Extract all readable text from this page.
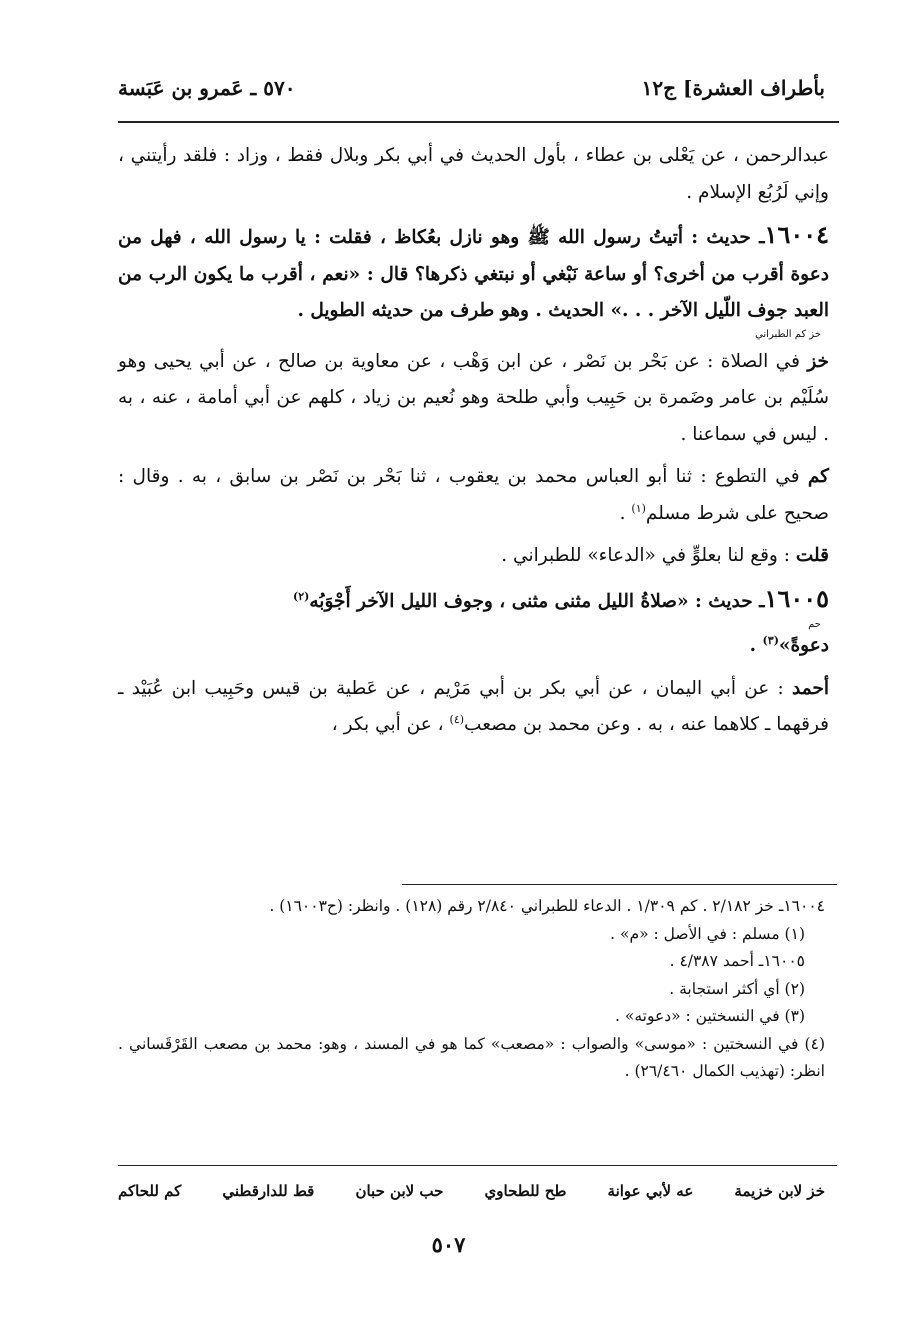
بأطراف العشرة] ج١٢
٥٧٠ ـ عَمرو بن عَبَسة

عبدالرحمن ، عن يَعْلى بن عطاء ، بأول الحديث في أبي بكر وبلال فقط ، وزاد : فلقد رأيتني ، وإني لَرُبُع الإسلام .

١٦٠٠٤ـ حديث : أتيتُ رسول الله ﷺ وهو نازل بعُكاظ ، فقلت : يا رسول الله ، فهل من دعوة أقرب من أخرى؟ أو ساعة نَبْغي أو نبتغي ذكرها؟ قال : «نعم ، أقرب ما يكون الرب من العبد جوف اللّيل الآخر . . .» الحديث . وهو طرف من حديثه الطويل .
خز كم الطبراني

خز في الصلاة : عن بَحْر بن نَصْر ، عن ابن وَهْب ، عن معاوية بن صالح ، عن أبي يحيى وهو سُلَيْم بن عامر وضَمرة بن حَبِيب وأبي طلحة وهو نُعيم بن زياد ، كلهم عن أبي أمامة ، عنه ، به . ليس في سماعنا .

كم في التطوع : ثنا أبو العباس محمد بن يعقوب ، ثنا بَحْر بن نَصْر بن سابق ، به . وقال : صحيح على شرط مسلم$^{(١)}$ .

قلت : وقع لنا بعلوٍّ في «الدعاء» للطبراني .

١٦٠٠٥ـ حديث : «صلاةُ الليل مثنى مثنى ، وجوف الليل الآخر أَجْوَبُه$^{(٢)}$
حم
دعوةً»$^{(٣)}$ .

أحمد : عن أبي اليمان ، عن أبي بكر بن أبي مَرْيم ، عن عَطية بن قيس وحَبِيب ابن عُبَيْد ـ فرقهما ـ كلاهما عنه ، به . وعن محمد بن مصعب$^{(٤)}$ ، عن أبي بكر ،

١٦٠٠٤ـ خز ٢/١٨٢ . كم ١/٣٠٩ . الدعاء للطبراني ٢/٨٤٠ رقم (١٢٨) . وانظر: (ح١٦٠٠٣) .

(١) مسلم : في الأصل : «م» .

١٦٠٠٥ـ أحمد ٤/٣٨٧ .

(٢) أي أكثر استجابة .

(٣) في النسختين : «دعوته» .

(٤) في النسختين : «موسى» والصواب : «مصعب» كما هو في المسند ، وهو: محمد بن مصعب القَرْقَساني . انظر: (تهذيب الكمال ٢٦/٤٦٠) .

خز لابن خزيمة
عه لأبي عوانة
طح للطحاوي
حب لابن حبان
قط للدارقطني
كم للحاكم
٥٠٧
